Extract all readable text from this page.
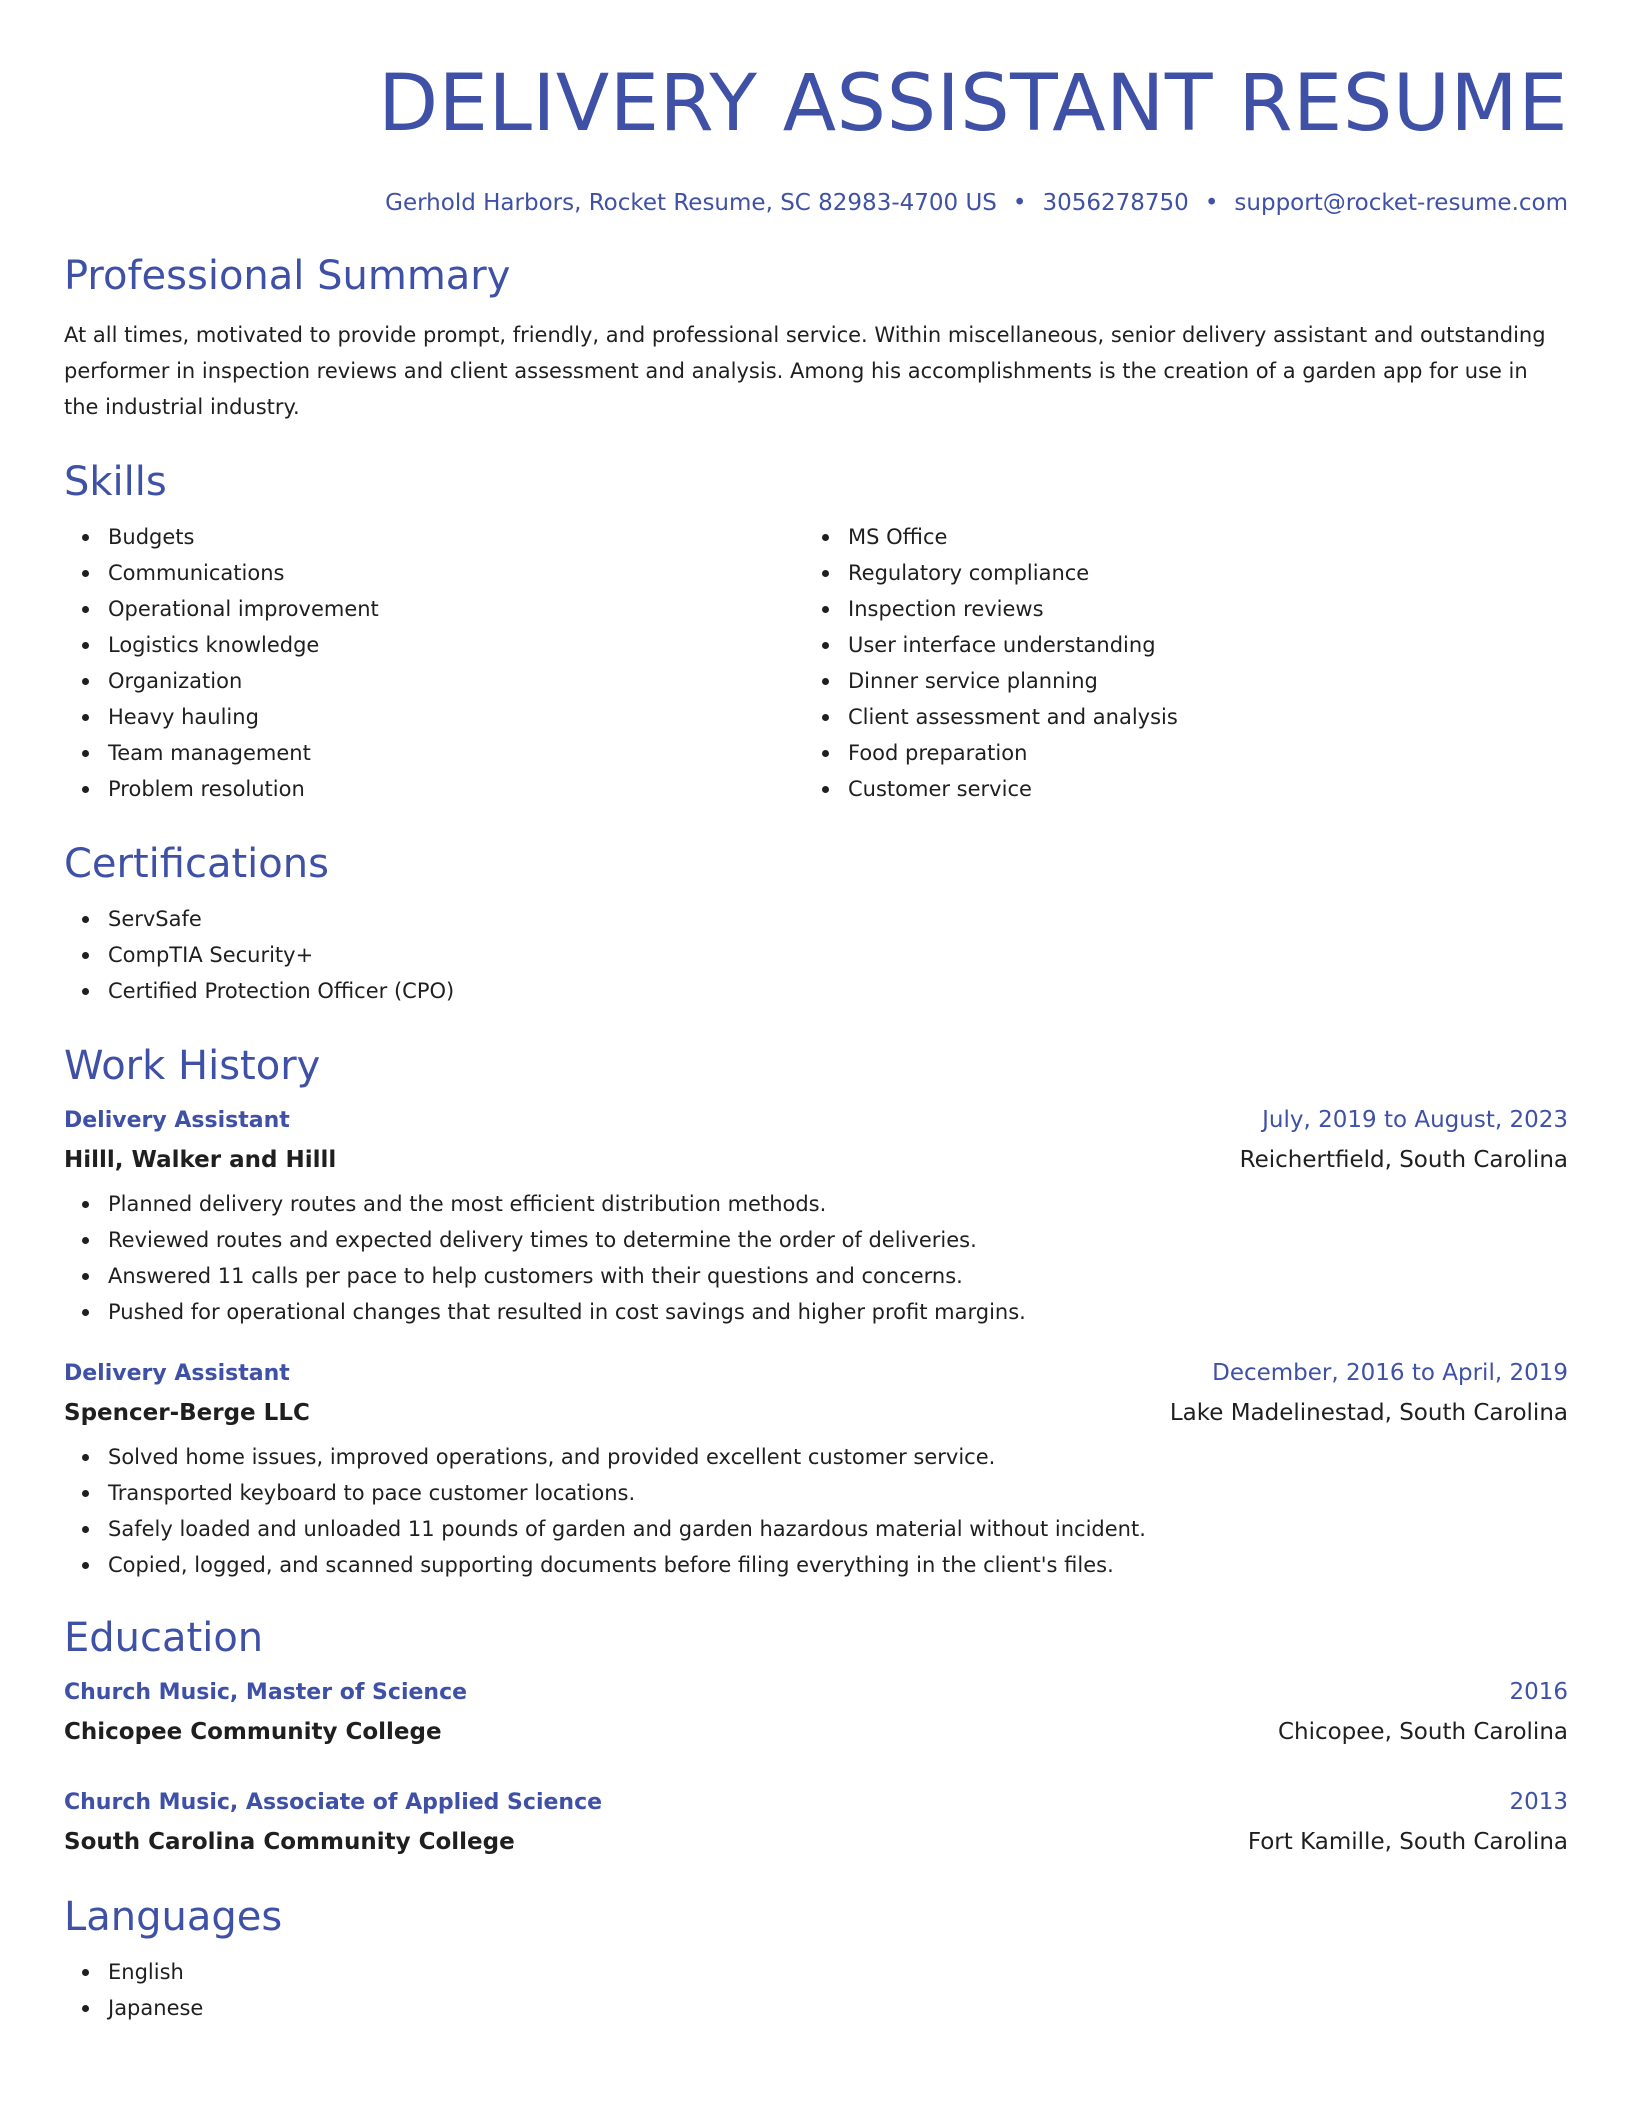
DELIVERY ASSISTANT RESUME
Gerhold Harbors, Rocket Resume, SC 82983-4700 US • 3056278750 • support@rocket-resume.com
Professional Summary

At all times, motivated to provide prompt, friendly, and professional service. Within miscellaneous, senior delivery assistant and outstanding performer in inspection reviews and client assessment and analysis. Among his accomplishments is the creation of a garden app for use in the industrial industry.

Skills
Budgets
Communications
Operational improvement
Logistics knowledge
Organization
Heavy hauling
Team management
Problem resolution
MS Office
Regulatory compliance
Inspection reviews
User interface understanding
Dinner service planning
Client assessment and analysis
Food preparation
Customer service
Certifications
ServSafe
CompTIA Security+
Certified Protection Officer (CPO)
Work History
Delivery Assistant	July, 2019 to August, 2023
Hilll, Walker and Hilll	Reichertfield, South Carolina
Planned delivery routes and the most efficient distribution methods.
Reviewed routes and expected delivery times to determine the order of deliveries.
Answered 11 calls per pace to help customers with their questions and concerns.
Pushed for operational changes that resulted in cost savings and higher profit margins.
Delivery Assistant	December, 2016 to April, 2019
Spencer-Berge LLC	Lake Madelinestad, South Carolina
Solved home issues, improved operations, and provided excellent customer service.
Transported keyboard to pace customer locations.
Safely loaded and unloaded 11 pounds of garden and garden hazardous material without incident.
Copied, logged, and scanned supporting documents before filing everything in the client's files.
Education
Church Music, Master of Science	2016
Chicopee Community College	Chicopee, South Carolina
Church Music, Associate of Applied Science	2013
South Carolina Community College	Fort Kamille, South Carolina
Languages
English
Japanese
